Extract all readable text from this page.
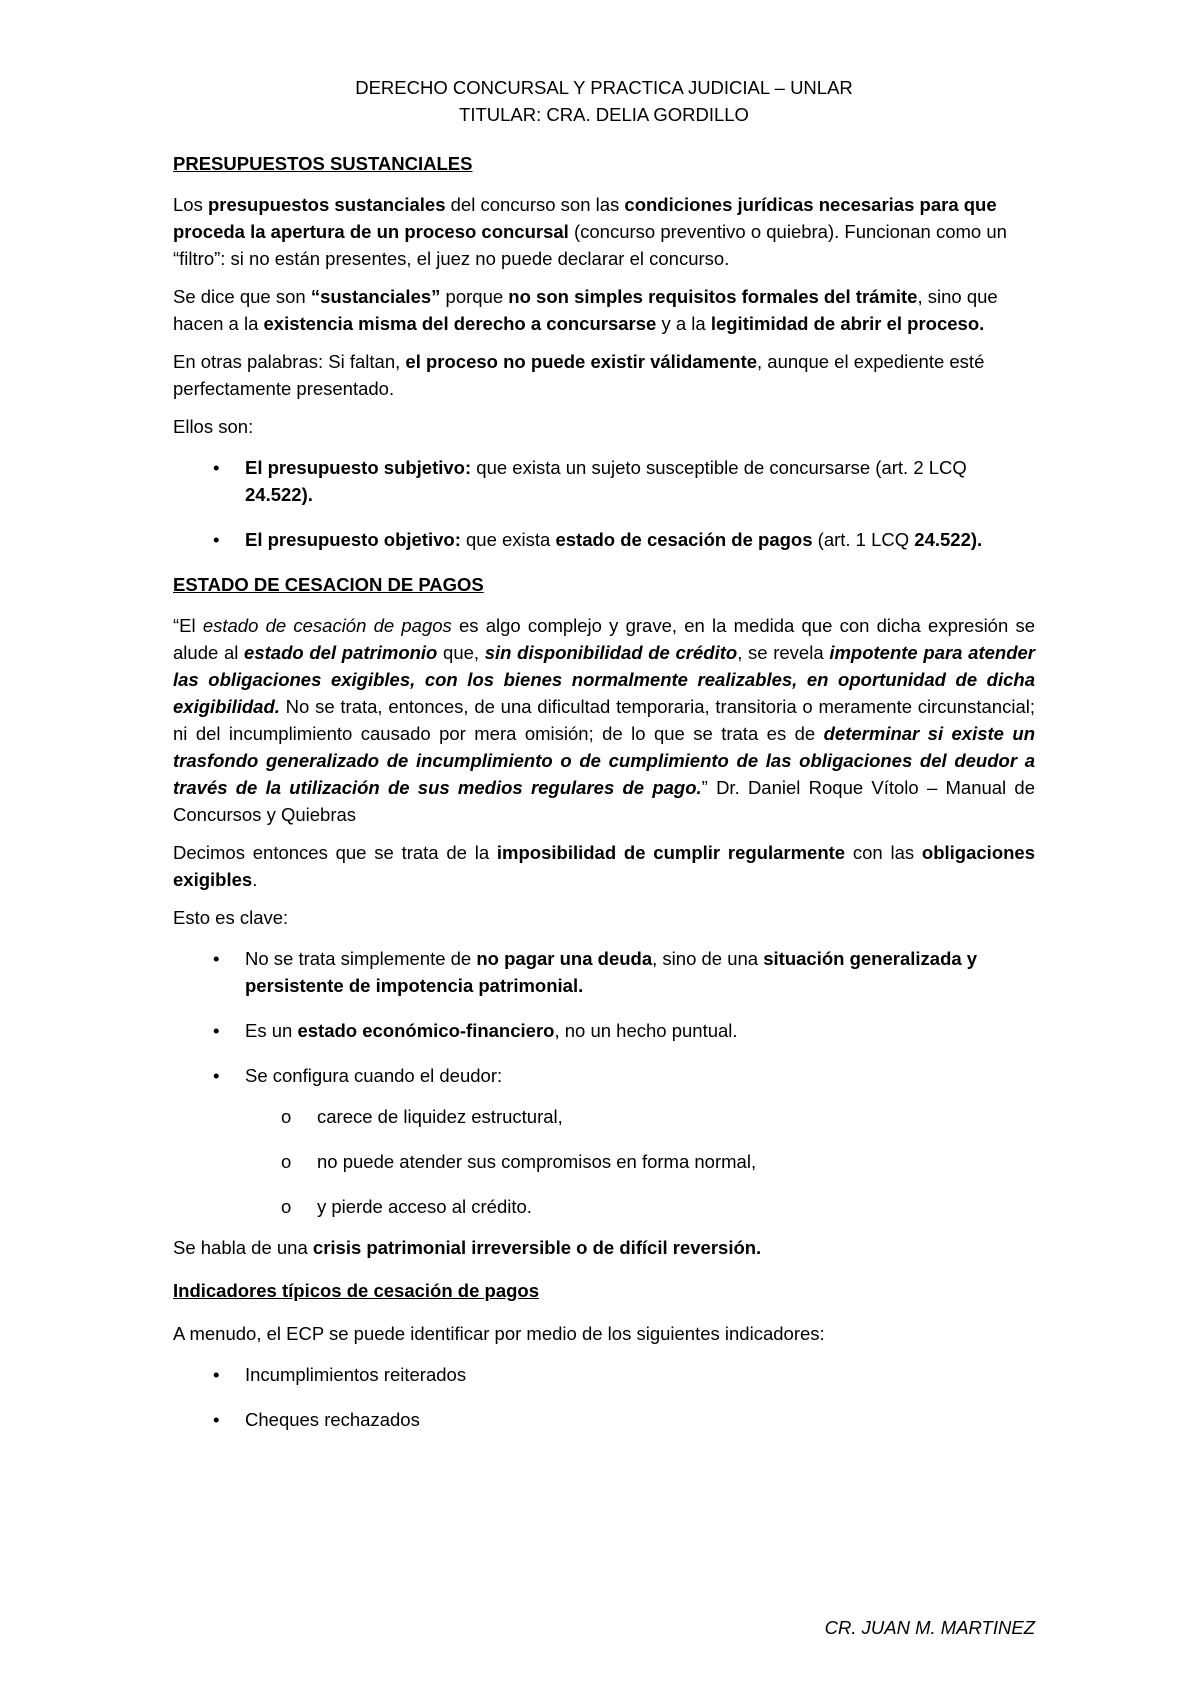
DERECHO CONCURSAL Y PRACTICA JUDICIAL – UNLAR

TITULAR: CRA. DELIA GORDILLO

PRESUPUESTOS SUSTANCIALES

Los presupuestos sustanciales del concurso son las condiciones jurídicas necesarias para que proceda la apertura de un proceso concursal (concurso preventivo o quiebra). Funcionan como un “filtro”: si no están presentes, el juez no puede declarar el concurso.

Se dice que son “sustanciales” porque no son simples requisitos formales del trámite, sino que hacen a la existencia misma del derecho a concursarse y a la legitimidad de abrir el proceso.

En otras palabras: Si faltan, el proceso no puede existir válidamente, aunque el expediente esté perfectamente presentado.

Ellos son:

• El presupuesto subjetivo: que exista un sujeto susceptible de concursarse (art. 2 LCQ 24.522).
• El presupuesto objetivo: que exista estado de cesación de pagos (art. 1 LCQ 24.522).

ESTADO DE CESACION DE PAGOS

“El estado de cesación de pagos es algo complejo y grave, en la medida que con dicha expresión se alude al estado del patrimonio que, sin disponibilidad de crédito, se revela impotente para atender las obligaciones exigibles, con los bienes normalmente realizables, en oportunidad de dicha exigibilidad. No se trata, entonces, de una dificultad temporaria, transitoria o meramente circunstancial; ni del incumplimiento causado por mera omisión; de lo que se trata es de determinar si existe un trasfondo generalizado de incumplimiento o de cumplimiento de las obligaciones del deudor a través de la utilización de sus medios regulares de pago.” Dr. Daniel Roque Vítolo – Manual de Concursos y Quiebras

Decimos entonces que se trata de la imposibilidad de cumplir regularmente con las obligaciones exigibles.

Esto es clave:

• No se trata simplemente de no pagar una deuda, sino de una situación generalizada y persistente de impotencia patrimonial.
• Es un estado económico-financiero, no un hecho puntual.
• Se configura cuando el deudor:
o carece de liquidez estructural,
o no puede atender sus compromisos en forma normal,
o y pierde acceso al crédito.

Se habla de una crisis patrimonial irreversible o de difícil reversión.

Indicadores típicos de cesación de pagos

A menudo, el ECP se puede identificar por medio de los siguientes indicadores:

• Incumplimientos reiterados
• Cheques rechazados
CR. JUAN M. MARTINEZ
